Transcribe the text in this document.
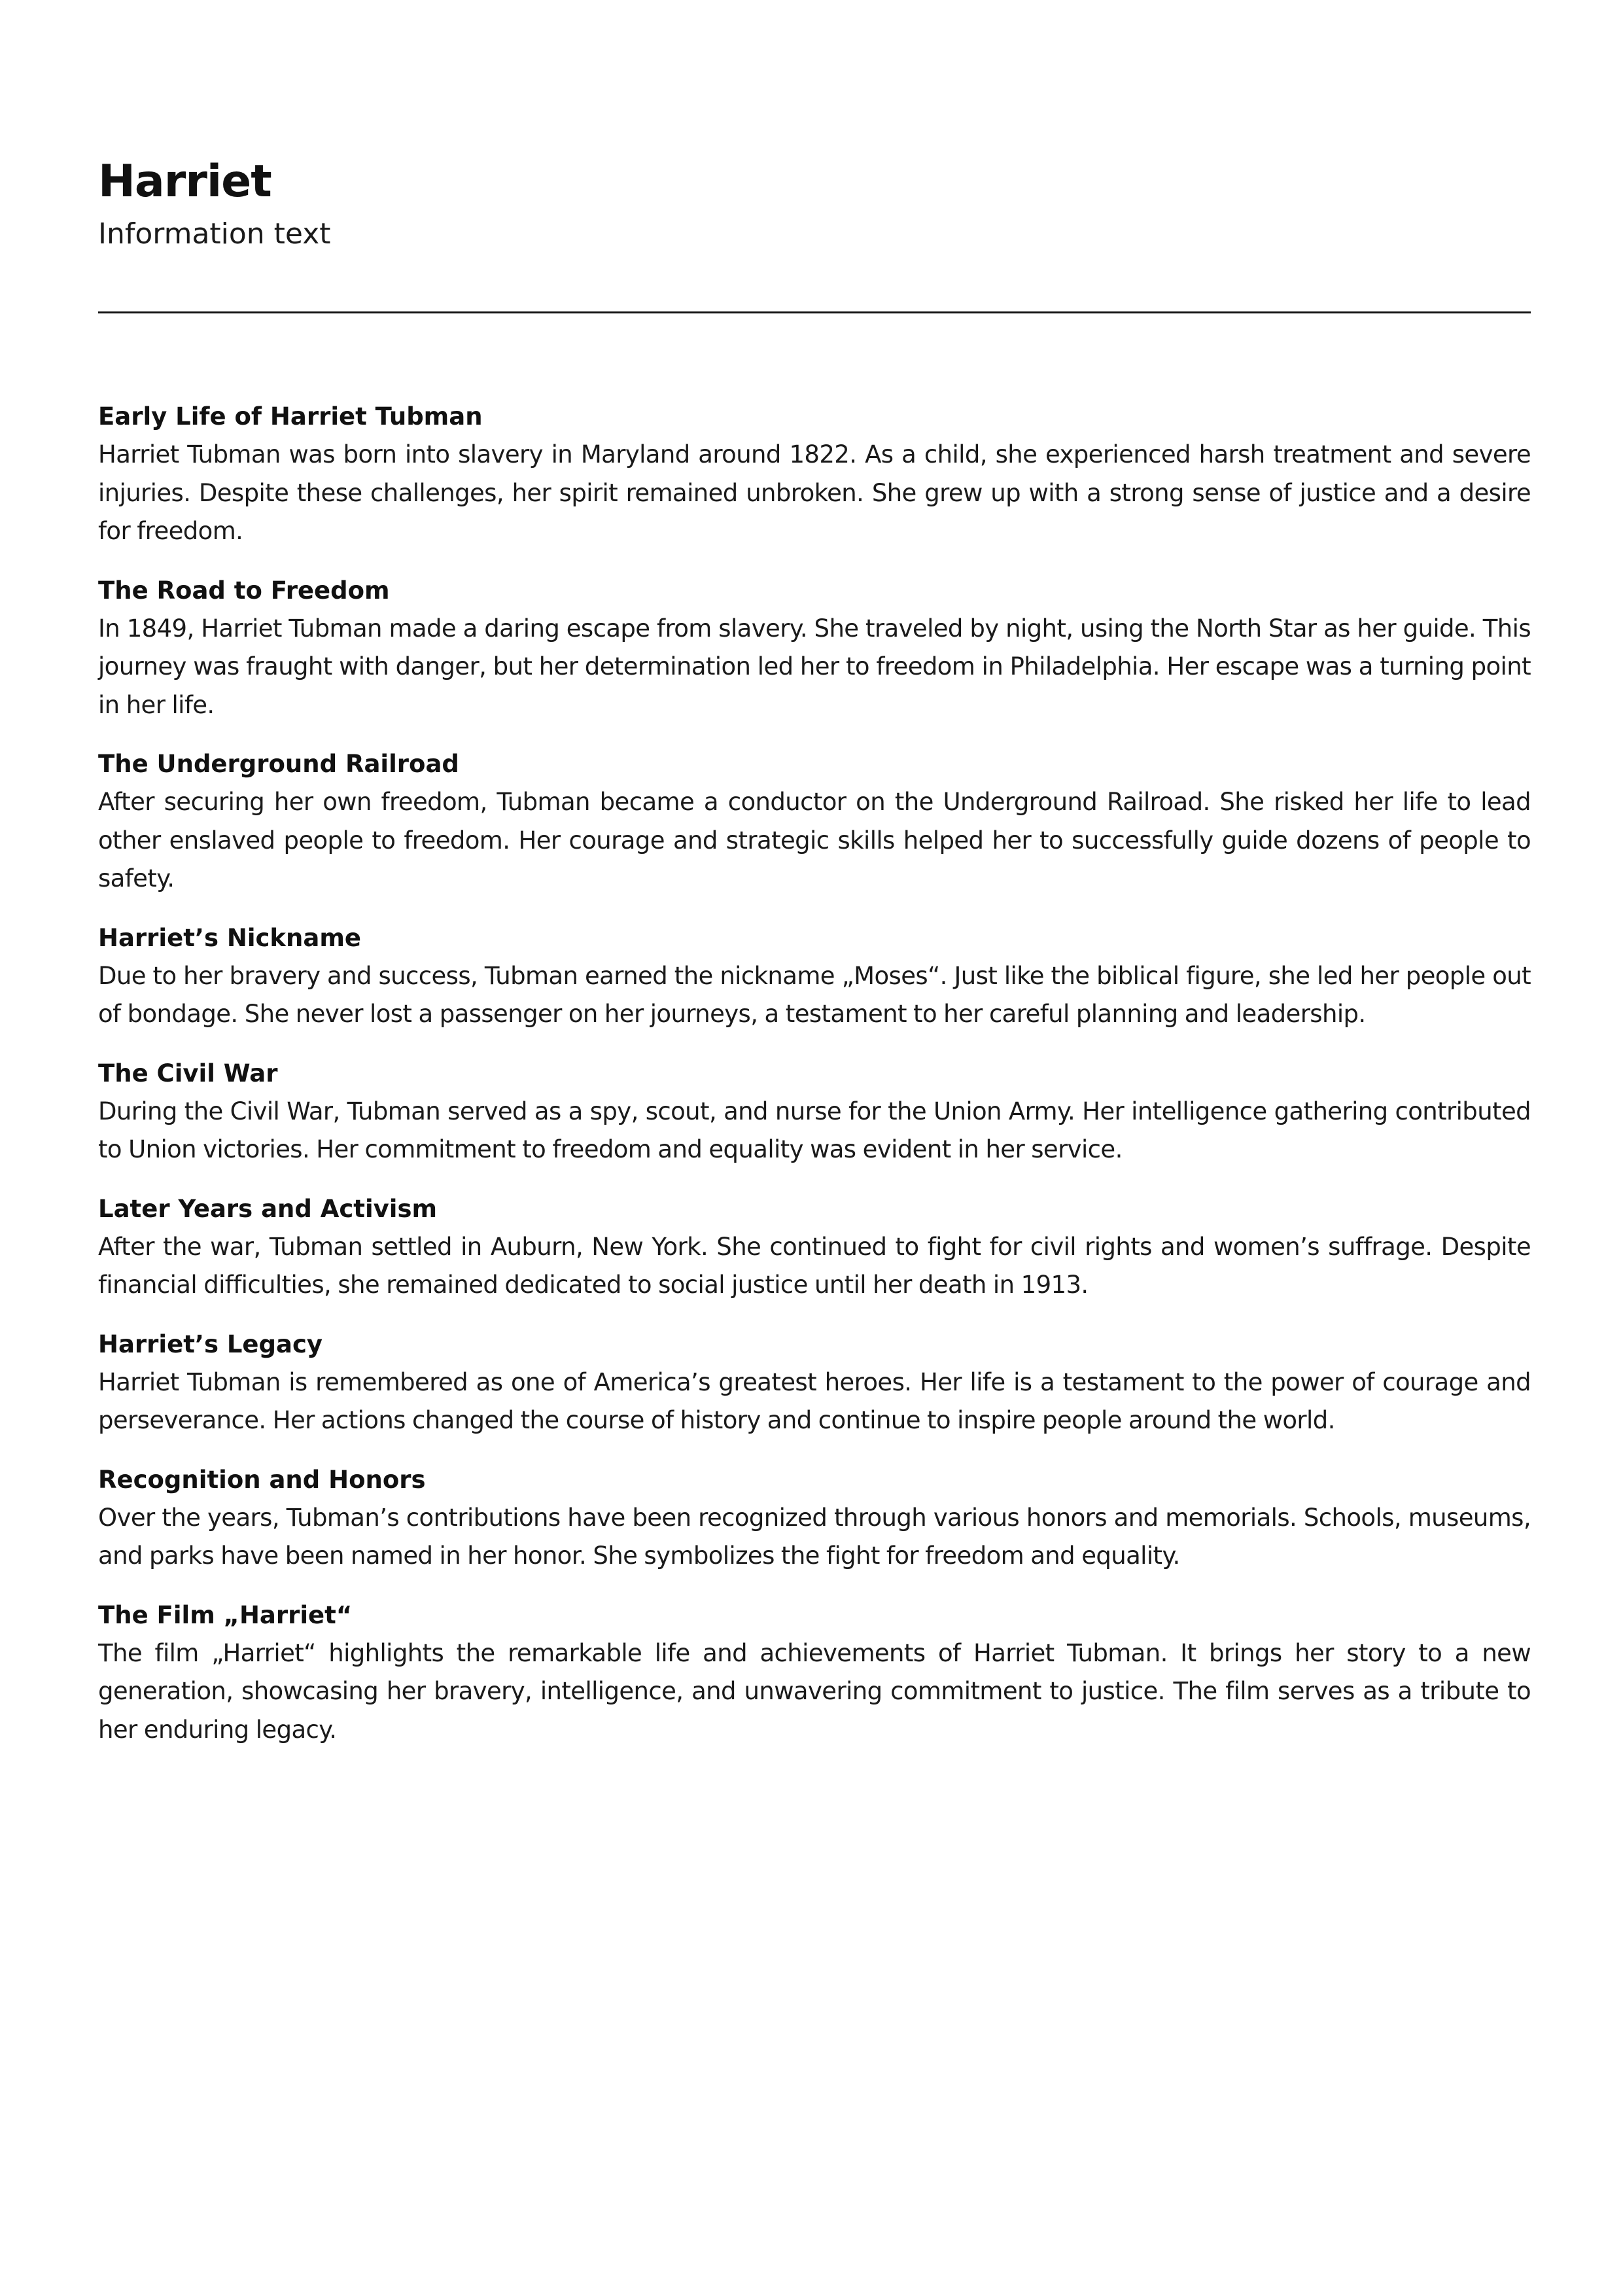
Harriet

Information text

Early Life of Harriet Tubman

Harriet Tubman was born into slavery in Maryland around 1822. As a child, she experienced harsh treatment and severe injuries. Despite these challenges, her spirit remained unbroken. She grew up with a strong sense of justice and a desire for freedom.

The Road to Freedom

In 1849, Harriet Tubman made a daring escape from slavery. She traveled by night, using the North Star as her guide. This journey was fraught with danger, but her determination led her to freedom in Philadelphia. Her escape was a turning point in her life.

The Underground Railroad

After securing her own freedom, Tubman became a conductor on the Underground Railroad. She risked her life to lead other enslaved people to freedom. Her courage and strategic skills helped her to successfully guide dozens of people to safety.

Harriet’s Nickname

Due to her bravery and success, Tubman earned the nickname „Moses“. Just like the biblical figure, she led her people out of bondage. She never lost a passenger on her journeys, a testament to her careful planning and leadership.

The Civil War

During the Civil War, Tubman served as a spy, scout, and nurse for the Union Army. Her intelligence gathering contributed to Union victories. Her commitment to freedom and equality was evident in her service.

Later Years and Activism

After the war, Tubman settled in Auburn, New York. She continued to fight for civil rights and women’s suffrage. Despite financial difficulties, she remained dedicated to social justice until her death in 1913.

Harriet’s Legacy

Harriet Tubman is remembered as one of America’s greatest heroes. Her life is a testament to the power of courage and perseverance. Her actions changed the course of history and continue to inspire people around the world.

Recognition and Honors

Over the years, Tubman’s contributions have been recognized through various honors and memorials. Schools, museums, and parks have been named in her honor. She symbolizes the fight for freedom and equality.

The Film „Harriet“

The film „Harriet“ highlights the remarkable life and achievements of Harriet Tubman. It brings her story to a new generation, showcasing her bravery, intelligence, and unwavering commitment to justice. The film serves as a tribute to her enduring legacy.
